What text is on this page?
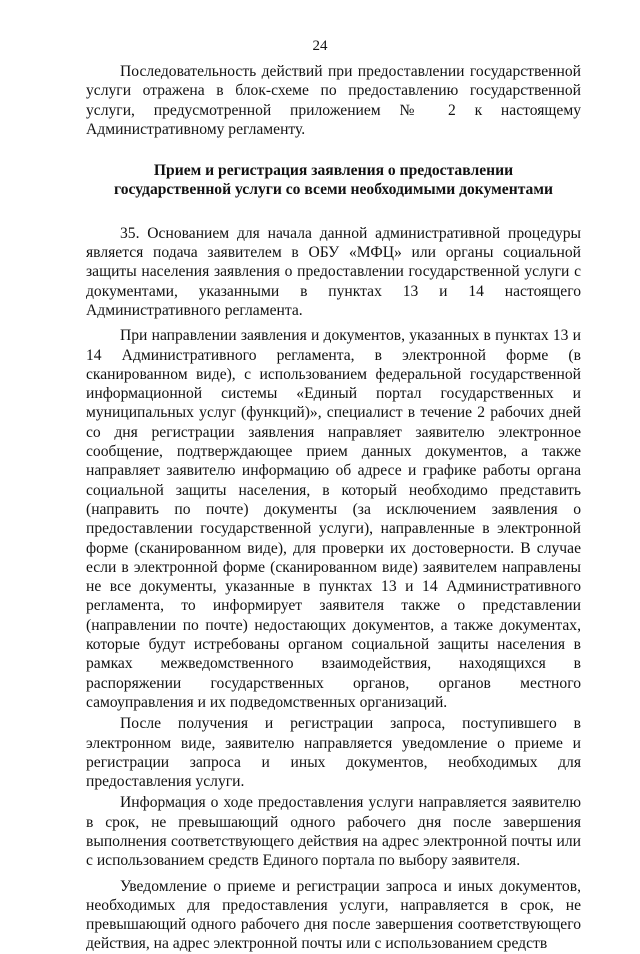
24

Последовательность действий при предоставлении государственной услуги отражена в блок-схеме по предоставлению государственной услуги, предусмотренной приложением № 2 к настоящему Административному регламенту.

Прием и регистрация заявления о предоставлении
государственной услуги со всеми необходимыми документами

35. Основанием для начала данной административной процедуры является подача заявителем в ОБУ «МФЦ» или органы социальной защиты населения заявления о предоставлении государственной услуги с документами, указанными в пунктах 13 и 14 настоящего Административного регламента.

При направлении заявления и документов, указанных в пунктах 13 и 14 Административного регламента, в электронной форме (в сканированном виде), с использованием федеральной государственной информационной системы «Единый портал государственных и муниципальных услуг (функций)», специалист в течение 2 рабочих дней со дня регистрации заявления направляет заявителю электронное сообщение, подтверждающее прием данных документов, а также направляет заявителю информацию об адресе и графике работы органа социальной защиты населения, в который необходимо представить (направить по почте) документы (за исключением заявления о предоставлении государственной услуги), направленные в электронной форме (сканированном виде), для проверки их достоверности. В случае если в электронной форме (сканированном виде) заявителем направлены не все документы, указанные в пунктах 13 и 14 Административного регламента, то информирует заявителя также о представлении (направлении по почте) недостающих документов, а также документах, которые будут истребованы органом социальной защиты населения в рамках межведомственного взаимодействия, находящихся в распоряжении государственных органов, органов местного самоуправления и их подведомственных организаций.

После получения и регистрации запроса, поступившего в электронном виде, заявителю направляется уведомление о приеме и регистрации запроса и иных документов, необходимых для предоставления услуги.

Информация о ходе предоставления услуги направляется заявителю в срок, не превышающий одного рабочего дня после завершения выполнения соответствующего действия на адрес электронной почты или с использованием средств Единого портала по выбору заявителя.

Уведомление о приеме и регистрации запроса и иных документов, необходимых для предоставления услуги, направляется в срок, не превышающий одного рабочего дня после завершения соответствующего действия, на адрес электронной почты или с использованием средств
